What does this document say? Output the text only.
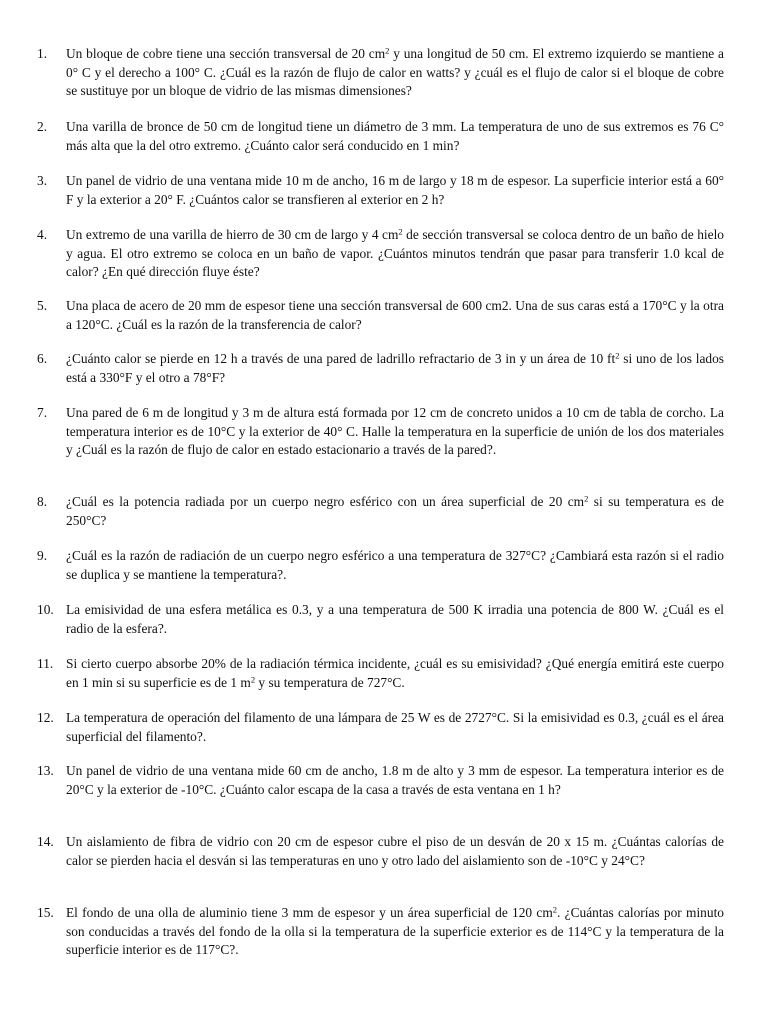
1.	Un bloque de cobre tiene una sección transversal de 20 $cm^2$ y una longitud de 50 cm. El extremo izquierdo se mantiene a 0° C y el derecho a 100° C. ¿Cuál es la razón de flujo de calor en watts? y ¿cuál es el flujo de calor si el bloque de cobre se sustituye por un bloque de vidrio de las mismas dimensiones?
2.	Una varilla de bronce de 50 cm de longitud tiene un diámetro de 3 mm. La temperatura de uno de sus extremos es 76 C° más alta que la del otro extremo. ¿Cuánto calor será conducido en 1 min?
3.	Un panel de vidrio de una ventana mide 10 m de ancho, 16 m de largo y 18 m de espesor. La superficie interior está a 60° F y la exterior a 20° F. ¿Cuántos calor se transfieren al exterior en 2 h?
4.	Un extremo de una varilla de hierro de 30 cm de largo y 4 $cm^2$ de sección transversal se coloca dentro de un baño de hielo y agua. El otro extremo se coloca en un baño de vapor. ¿Cuántos minutos tendrán que pasar para transferir 1.0 kcal de calor? ¿En qué dirección fluye éste?
5.	Una placa de acero de 20 mm de espesor tiene una sección transversal de 600 cm2. Una de sus caras está a 170°C y la otra a 120°C. ¿Cuál es la razón de la transferencia de calor?
6.	¿Cuánto calor se pierde en 12 h a través de una pared de ladrillo refractario de 3 in y un área de 10 $ft^2$ si uno de los lados está a 330°F y el otro a 78°F?
7.	Una pared de 6 m de longitud y 3 m de altura está formada por 12 cm de concreto unidos a 10 cm de tabla de corcho. La temperatura interior es de 10°C y la exterior de 40° C. Halle la temperatura en la superficie de unión de los dos materiales y ¿Cuál es la razón de flujo de calor en estado estacionario a través de la pared?.
8.	¿Cuál es la potencia radiada por un cuerpo negro esférico con un área superficial de 20 $cm^2$ si su temperatura es de 250°C?
9.	¿Cuál es la razón de radiación de un cuerpo negro esférico a una temperatura de 327°C? ¿Cambiará esta razón si el radio se duplica y se mantiene la temperatura?.
10. La emisividad de una esfera metálica es 0.3, y a una temperatura de 500 K irradia una potencia de 800 W. ¿Cuál es el radio de la esfera?.
11. Si cierto cuerpo absorbe 20% de la radiación térmica incidente, ¿cuál es su emisividad? ¿Qué energía emitirá este cuerpo en 1 min si su superficie es de 1 $m^2$ y su temperatura de 727°C.
12. La temperatura de operación del filamento de una lámpara de 25 W es de 2727°C. Si la emisividad es 0.3, ¿cuál es el área superficial del filamento?.
13. Un panel de vidrio de una ventana mide 60 cm de ancho, 1.8 m de alto y 3 mm de espesor. La temperatura interior es de 20°C y la exterior de -10°C. ¿Cuánto calor escapa de la casa a través de esta ventana en 1 h?
14. Un aislamiento de fibra de vidrio con 20 cm de espesor cubre el piso de un desván de 20 x 15 m. ¿Cuántas calorías de calor se pierden hacia el desván si las temperaturas en uno y otro lado del aislamiento son de -10°C y 24°C?
15. El fondo de una olla de aluminio tiene 3 mm de espesor y un área superficial de 120 $cm^2$. ¿Cuántas calorías por minuto son conducidas a través del fondo de la olla si la temperatura de la superficie exterior es de 114°C y la temperatura de la superficie interior es de 117°C?.
